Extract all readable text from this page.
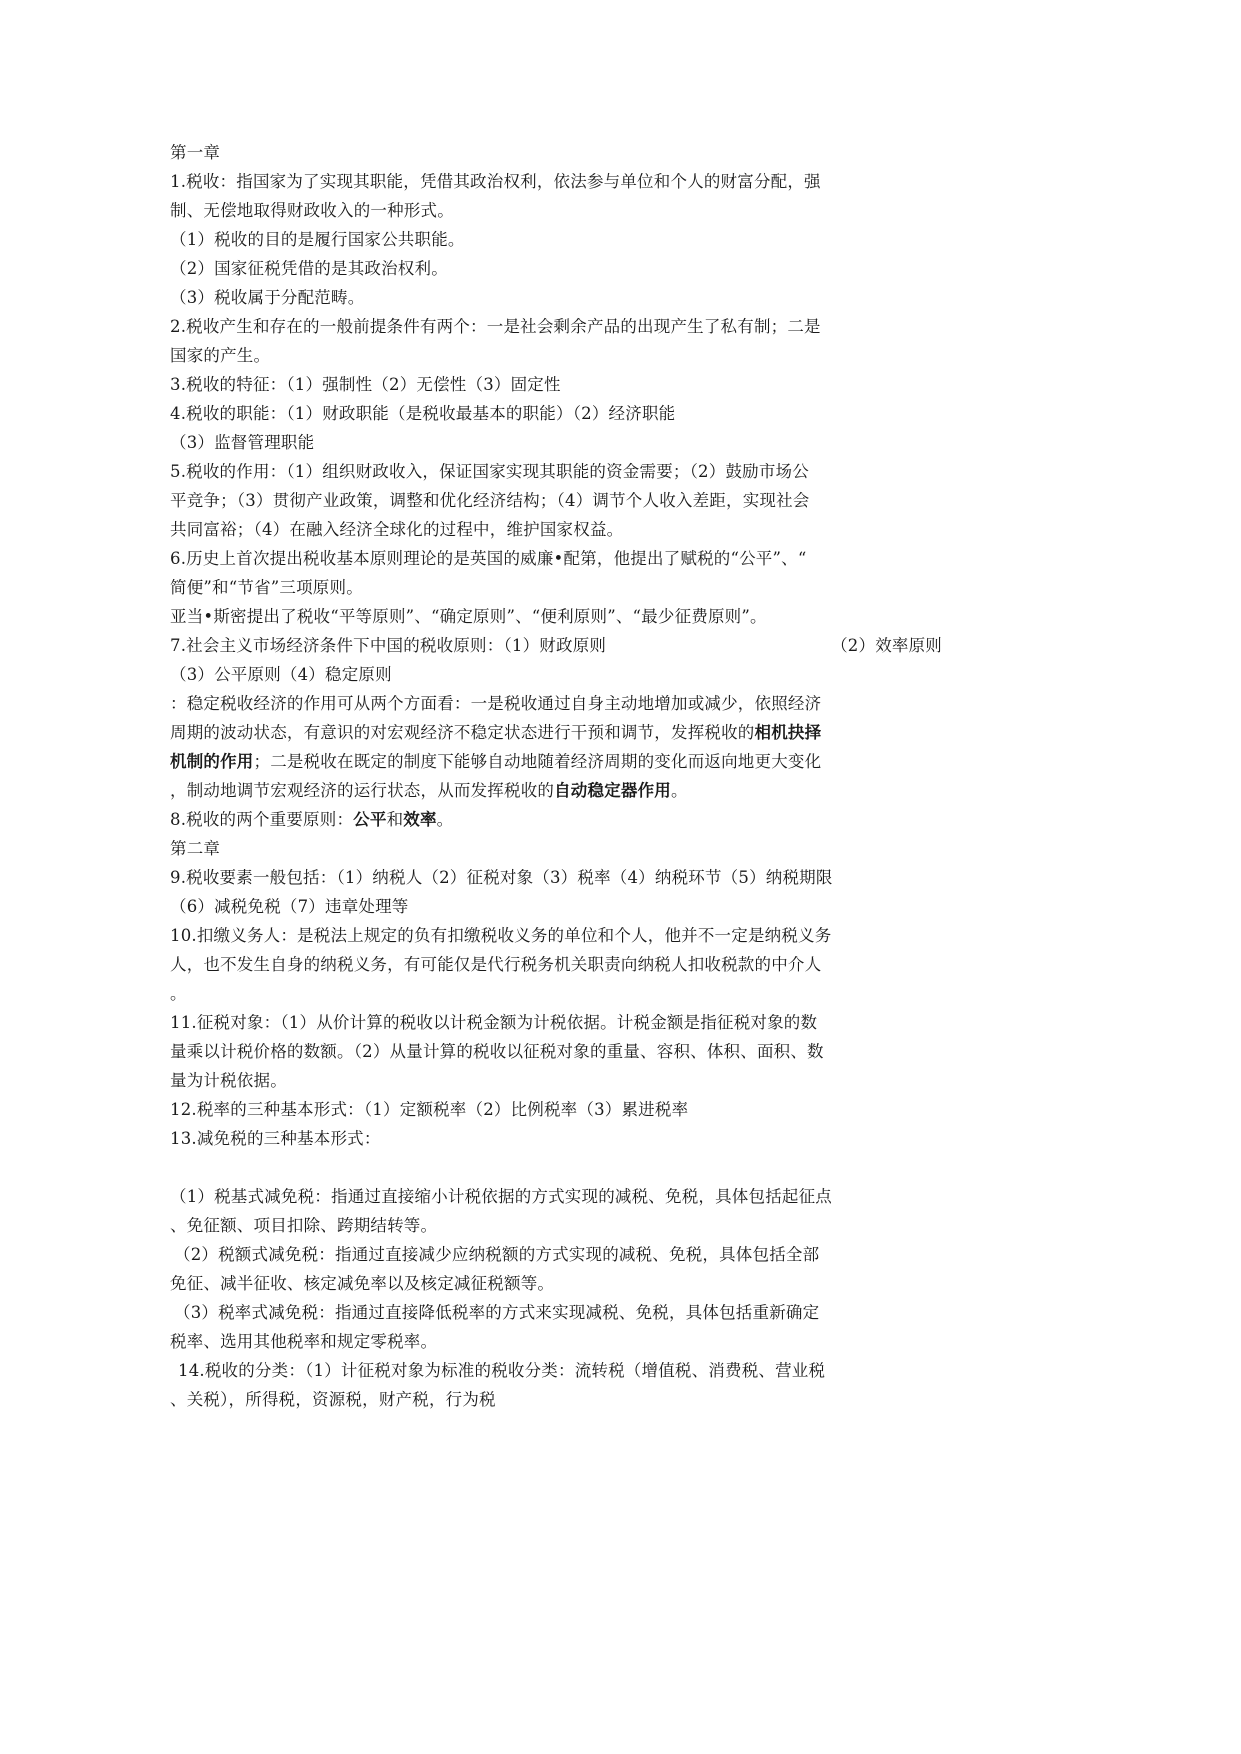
第一章
1.税收：指国家为了实现其职能，凭借其政治权利，依法参与单位和个人的财富分配，强
制、无偿地取得财政收入的一种形式。
（1）税收的目的是履行国家公共职能。
（2）国家征税凭借的是其政治权利。
（3）税收属于分配范畴。
2.税收产生和存在的一般前提条件有两个：一是社会剩余产品的出现产生了私有制；二是
国家的产生。
3.税收的特征：（1）强制性（2）无偿性（3）固定性
4.税收的职能：（1）财政职能（是税收最基本的职能）（2）经济职能
（3）监督管理职能
5.税收的作用：（1）组织财政收入，保证国家实现其职能的资金需要；（2）鼓励市场公
平竞争；（3）贯彻产业政策，调整和优化经济结构；（4）调节个人收入差距，实现社会
共同富裕；（4）在融入经济全球化的过程中，维护国家权益。
6.历史上首次提出税收基本原则理论的是英国的威廉•配第，他提出了赋税的“公平”、“
简便”和“节省”三项原则。
亚当•斯密提出了税收“平等原则”、“确定原则”、“便利原则”、“最少征费原则”。
7.社会主义市场经济条件下中国的税收原则：（1）财政原则	（2）效率原则
（3）公平原则（4）稳定原则
：稳定税收经济的作用可从两个方面看：一是税收通过自身主动地增加或减少，依照经济
周期的波动状态，有意识的对宏观经济不稳定状态进行干预和调节，发挥税收的相机抉择
机制的作用；二是税收在既定的制度下能够自动地随着经济周期的变化而返向地更大变化
，制动地调节宏观经济的运行状态，从而发挥税收的自动稳定器作用。
8.税收的两个重要原则：公平和效率。
第二章
9.税收要素一般包括：（1）纳税人（2）征税对象（3）税率（4）纳税环节（5）纳税期限
（6）减税免税（7）违章处理等
10.扣缴义务人：是税法上规定的负有扣缴税收义务的单位和个人，他并不一定是纳税义务
人，也不发生自身的纳税义务，有可能仅是代行税务机关职责向纳税人扣收税款的中介人
。
11.征税对象：（1）从价计算的税收以计税金额为计税依据。计税金额是指征税对象的数
量乘以计税价格的数额。（2）从量计算的税收以征税对象的重量、容积、体积、面积、数
量为计税依据。
12.税率的三种基本形式：（1）定额税率（2）比例税率（3）累进税率
13.减免税的三种基本形式：
（1）税基式减免税：指通过直接缩小计税依据的方式实现的减税、免税，具体包括起征点
、免征额、项目扣除、跨期结转等。
（2）税额式减免税：指通过直接减少应纳税额的方式实现的减税、免税，具体包括全部
免征、减半征收、核定减免率以及核定减征税额等。
（3）税率式减免税：指通过直接降低税率的方式来实现减税、免税，具体包括重新确定
税率、选用其他税率和规定零税率。
14.税收的分类：（1）计征税对象为标准的税收分类：流转税（增值税、消费税、营业税
、关税），所得税，资源税，财产税，行为税
